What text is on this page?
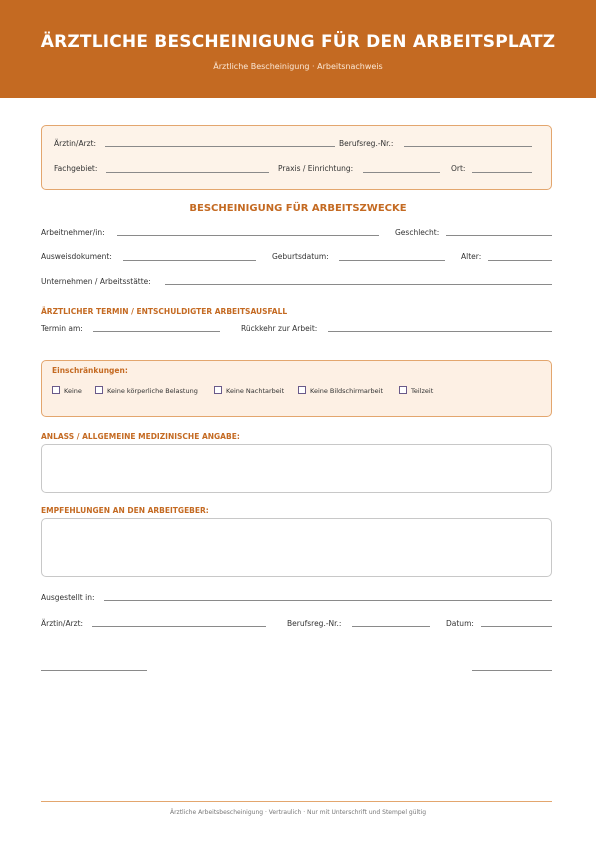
ÄRZTLICHE BESCHEINIGUNG FÜR DEN ARBEITSPLATZ
Ärztliche Bescheinigung · Arbeitsnachweis
Ärztin/Arzt:	Berufsreg.-Nr.:
Fachgebiet:	Praxis / Einrichtung:	Ort:
BESCHEINIGUNG FÜR ARBEITSZWECKE
Arbeitnehmer/in:	Geschlecht:
Ausweisdokument:	Geburtsdatum:	Alter:
Unternehmen / Arbeitsstätte:
ÄRZTLICHER TERMIN / ENTSCHULDIGTER ARBEITSAUSFALL
Termin am:	Rückkehr zur Arbeit:
Einschränkungen:
Keine	Keine körperliche Belastung	Keine Nachtarbeit	Keine Bildschirmarbeit	Teilzeit
ANLASS / ALLGEMEINE MEDIZINISCHE ANGABE:
EMPFEHLUNGEN AN DEN ARBEITGEBER:
Ausgestellt in:
Ärztin/Arzt:	Berufsreg.-Nr.:	Datum:
Ärztliche Arbeitsbescheinigung · Vertraulich · Nur mit Unterschrift und Stempel gültig
